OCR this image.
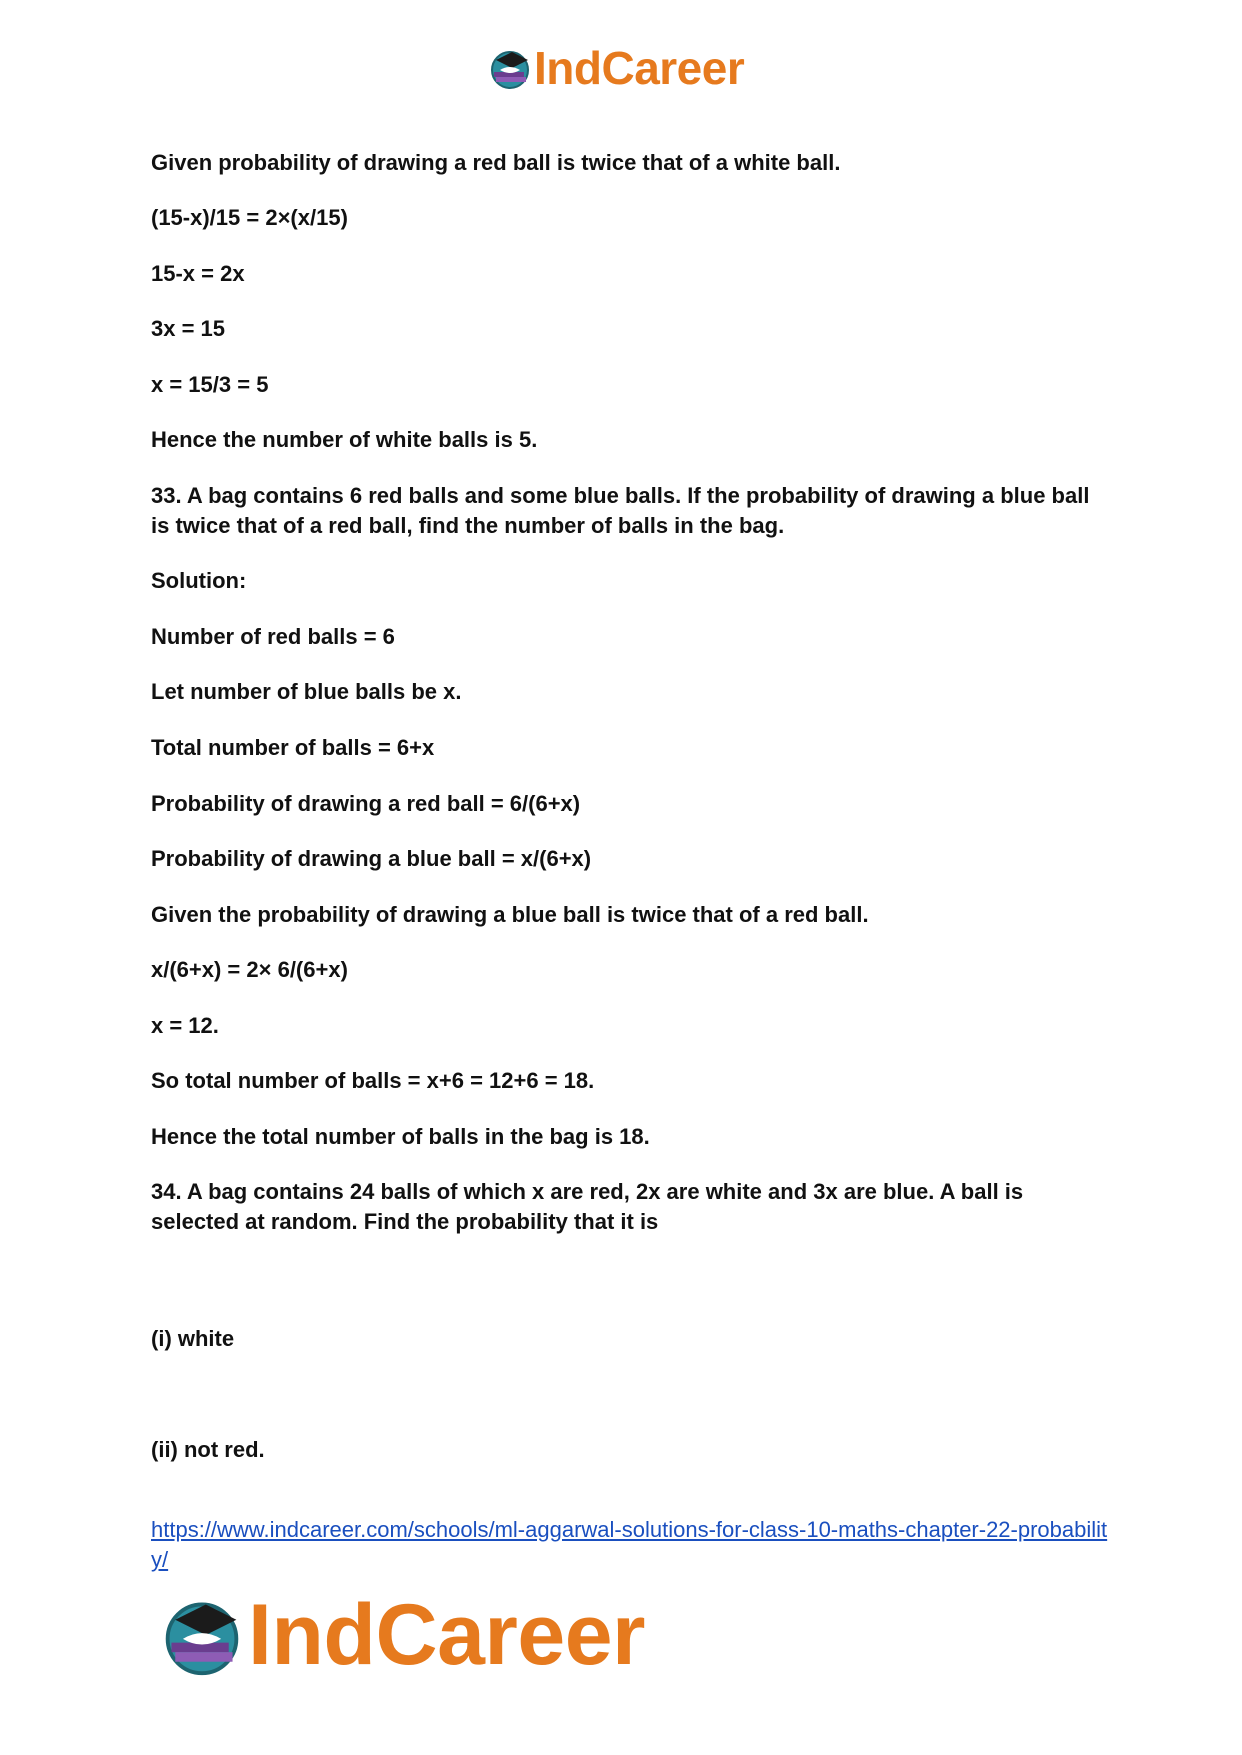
IndCareer

Given probability of drawing a red ball is twice that of a white ball.

(15-x)/15 = 2×(x/15)

15-x = 2x

3x = 15

x = 15/3 = 5

Hence the number of white balls is 5.

33. A bag contains 6 red balls and some blue balls. If the probability of drawing a blue ball is twice that of a red ball, find the number of balls in the bag.

Solution:

Number of red balls = 6

Let number of blue balls be x.

Total number of balls = 6+x

Probability of drawing a red ball = 6/(6+x)

Probability of drawing a blue ball = x/(6+x)

Given the probability of drawing a blue ball is twice that of a red ball.

x/(6+x) = 2× 6/(6+x)

x = 12.

So total number of balls = x+6 = 12+6 = 18.

Hence the total number of balls in the bag is 18.

34. A bag contains 24 balls of which x are red, 2x are white and 3x are blue. A ball is selected at random. Find the probability that it is

(i) white

(ii) not red.

https://www.indcareer.com/schools/ml-aggarwal-solutions-for-class-10-maths-chapter-22-probability/
IndCareer
